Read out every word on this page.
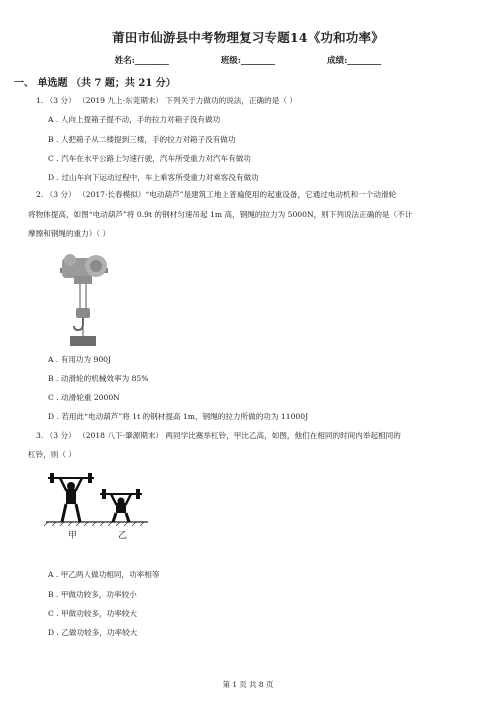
莆田市仙游县中考物理复习专题14《功和功率》
姓名:________	班级:________	成绩:________
一、 单选题 （共 7 题；共 21 分）
1. （3 分） （2019 九上·东莞期末） 下列关于力做功的说法，正确的是（ ）
A . 人向上提箱子提不动，手的拉力对箱子没有做功
B . 人把箱子从二楼提到三楼，手的拉力对箱子没有做功
C . 汽车在水平公路上匀速行驶，汽车所受重力对汽车有做功
D . 过山车向下运动过程中，车上乘客所受重力对乘客没有做功
2. （3 分） （2017·长春模拟）“电动葫芦”是建筑工地上普遍使用的起重设备，它通过电动机和一个动滑轮
将物体提高，如图“电动葫芦”将 0.9t 的钢材匀速吊起 1m 高，钢绳的拉力为 5000N，则下列说法正确的是（不计
摩擦和钢绳的重力）（ ）
A . 有用功为 900J
B . 动滑轮的机械效率为 85%
C . 动滑轮重 2000N
D . 若用此“电动葫芦”将 1t 的钢材提高 1m，钢绳的拉力所做的功为 11000J
3. （3 分） （2018 八下·肇源期末） 两同学比赛举杠铃，甲比乙高，如图，他们在相同的时间内举起相同的
杠铃，则（ ）
甲	乙
A . 甲乙两人做功相同，功率相等
B . 甲做功较多，功率较小
C . 甲做功较多，功率较大
D . 乙做功较多，功率较大
第 1 页 共 8 页
